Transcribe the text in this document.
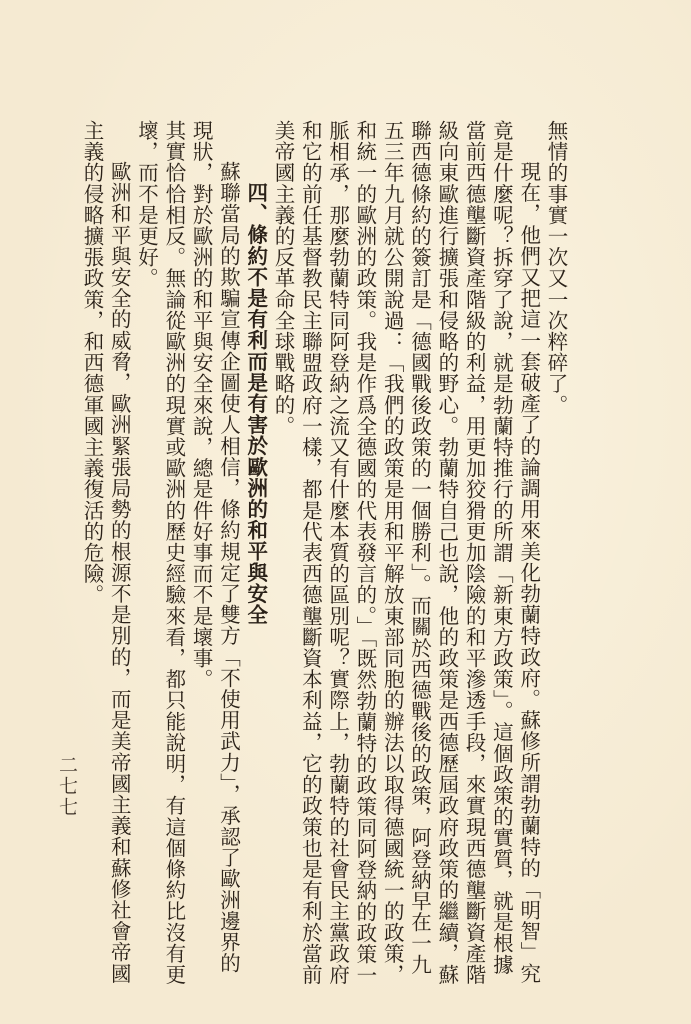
無情的事實一次又一次粹碎了。

現在，他們又把這一套破產了的論調用來美化勃蘭特政府。蘇修所謂勃蘭特的「明智」究竟是什麼呢？拆穿了說，就是勃蘭特推行的所謂「新東方政策」。這個政策的實質，就是根據當前西德壟斷資產階級的利益，用更加狡猾更加陰險的和平滲透手段，來實現西德壟斷資產階級向東歐進行擴張和侵略的野心。勃蘭特自己也說，他的政策是西德歷屆政府政策的繼續，蘇聯西德條約的簽訂是「德國戰後政策的一個勝利」。而關於西德戰後的政策，阿登納早在一九五三年九月就公開說過：「我們的政策是用和平解放東部同胞的辦法以取得德國統一的政策，和統一的歐洲的政策。我是作爲全德國的代表發言的。」「既然勃蘭特的政策同阿登納的政策一脈相承，那麼勃蘭特同阿登納之流又有什麼本質的區別呢？實際上，勃蘭特的社會民主黨政府和它的前任基督教民主聯盟政府一樣，都是代表西德壟斷資本利益，它的政策也是有利於當前美帝國主義的反革命全球戰略的。

四、條約不是有利而是有害於歐洲的和平與安全

蘇聯當局的欺騙宣傳企圖使人相信，條約規定了雙方「不使用武力」，承認了歐洲邊界的現狀，對於歐洲的和平與安全來說，總是件好事而不是壞事。

其實恰恰相反。無論從歐洲的現實或歐洲的歷史經驗來看，都只能說明，有這個條約比沒有更壞，而不是更好。

歐洲和平與安全的威脅，歐洲緊張局勢的根源不是別的，而是美帝國主義和蘇修社會帝國主義的侵略擴張政策，和西德軍國主義復活的危險。

二七七
